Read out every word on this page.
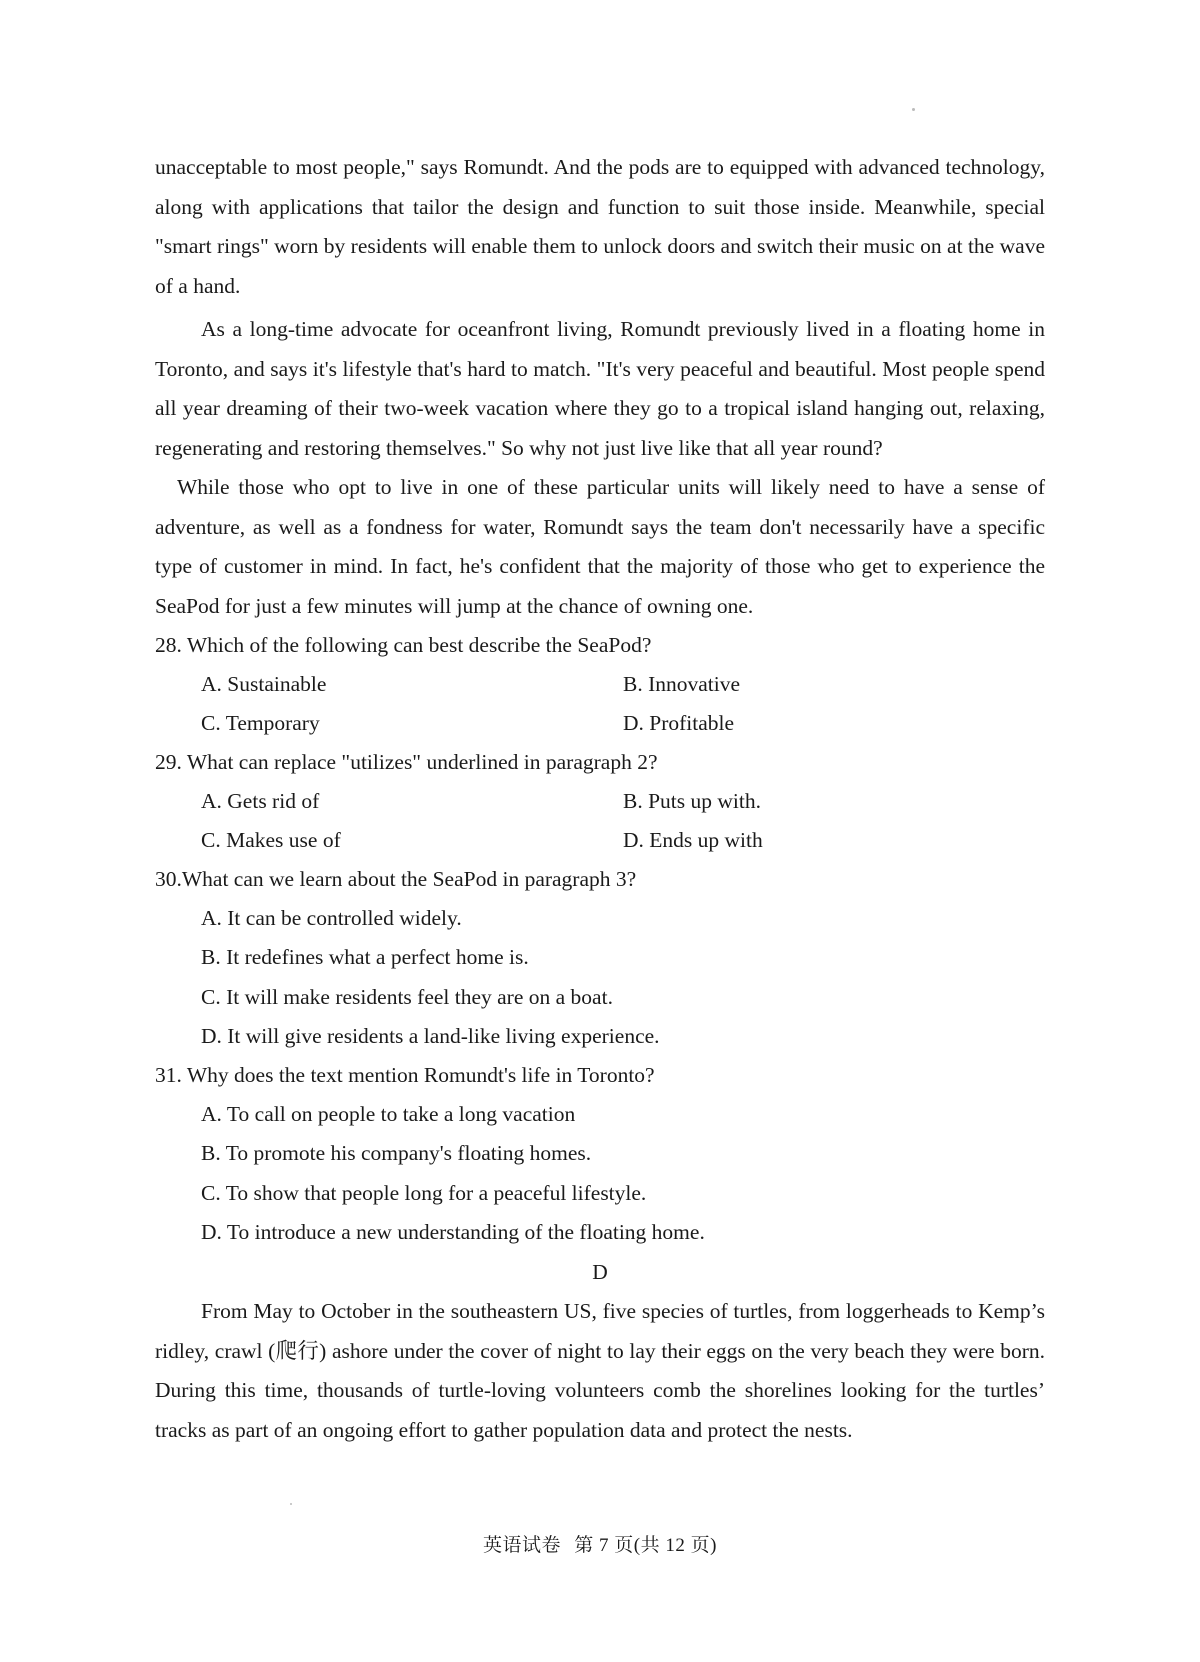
unacceptable to most people," says Romundt. And the pods are to equipped with advanced technology, along with applications that tailor the design and function to suit those inside. Meanwhile, special "smart rings" worn by residents will enable them to unlock doors and switch their music on at the wave of a hand.

As a long-time advocate for oceanfront living, Romundt previously lived in a floating home in Toronto, and says it's lifestyle that's hard to match. "It's very peaceful and beautiful. Most people spend all year dreaming of their two-week vacation where they go to a tropical island hanging out, relaxing, regenerating and restoring themselves." So why not just live like that all year round?

While those who opt to live in one of these particular units will likely need to have a sense of adventure, as well as a fondness for water, Romundt says the team don't necessarily have a specific type of customer in mind. In fact, he's confident that the majority of those who get to experience the SeaPod for just a few minutes will jump at the chance of owning one.

28. Which of the following can best describe the SeaPod?

A. Sustainable	B. Innovative
C. Temporary	D. Profitable

29. What can replace "utilizes" underlined in paragraph 2?

A. Gets rid of	B. Puts up with.
C. Makes use of	D. Ends up with

30.What can we learn about the SeaPod in paragraph 3?

A. It can be controlled widely.
B. It redefines what a perfect home is.
C. It will make residents feel they are on a boat.
D. It will give residents a land-like living experience.

31. Why does the text mention Romundt's life in Toronto?

A. To call on people to take a long vacation
B. To promote his company's floating homes.
C. To show that people long for a peaceful lifestyle.
D. To introduce a new understanding of the floating home.
D

From May to October in the southeastern US, five species of turtles, from loggerheads to Kemp’s ridley, crawl (爬行) ashore under the cover of night to lay their eggs on the very beach they were born. During this time, thousands of turtle-loving volunteers comb the shorelines looking for the turtles’ tracks as part of an ongoing effort to gather population data and protect the nests.

英语试卷 第 7 页(共 12 页)
